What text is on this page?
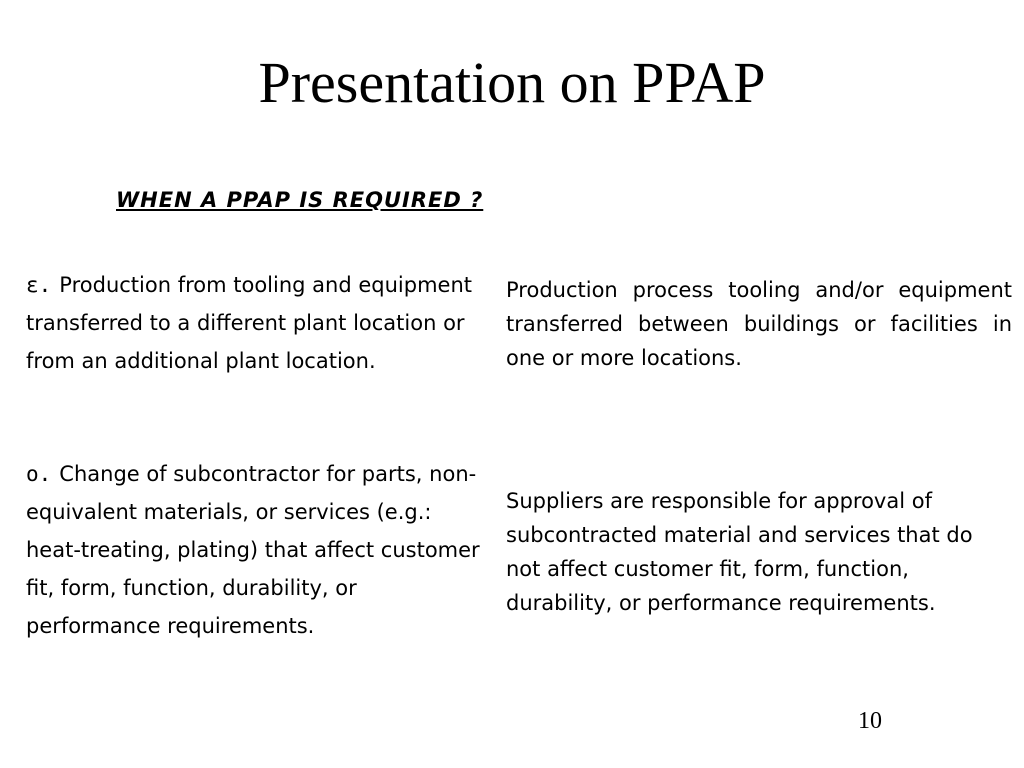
Presentation on PPAP
WHEN A PPAP IS REQUIRED ?
ε. Production from tooling and equipment transferred to a different plant location or from an additional plant location.
o. Change of subcontractor for parts, non-equivalent materials, or services (e.g.: heat-treating, plating) that affect customer fit, form, function, durability, or performance requirements.
Production process tooling and/or equipment transferred between buildings or facilities in one or more locations.
Suppliers are responsible for approval of subcontracted material and services that do not affect customer fit, form, function, durability, or performance requirements.
10
